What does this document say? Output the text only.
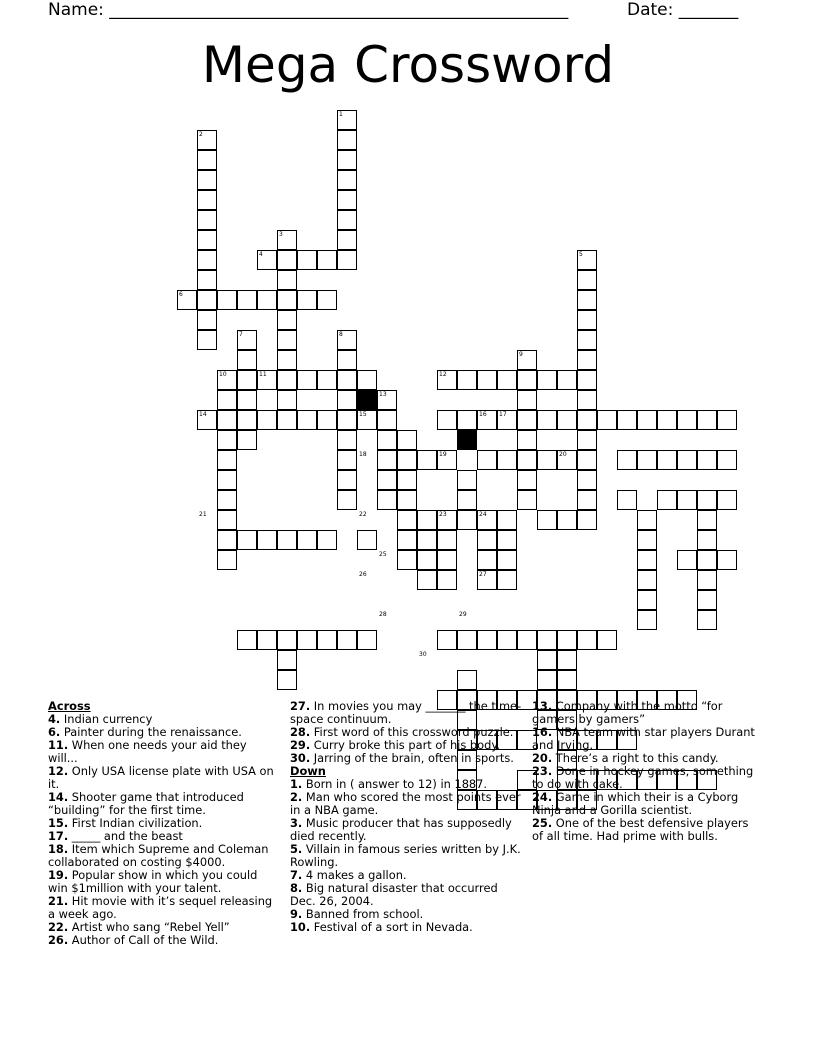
Name: ______________________________________________________	Date: _______
Mega Crossword
1
2
3
4	5
6
7	8
9
10	11	12
13
14	15	16 17
18	19	20
21	22	23	24
25
26	27
28	29
30
Across
4. Indian currency
6. Painter during the renaissance.
11. When one needs your aid they will...
12. Only USA license plate with USA on it.
14. Shooter game that introduced “building” for the first time.
15. First Indian civilization.
17. _____ and the beast
18. Item which Supreme and Coleman collaborated on costing $4000.
19. Popular show in which you could win $1million with your talent.
21. Hit movie with it’s sequel releasing a week ago.
22. Artist who sang “Rebel Yell”
26. Author of Call of the Wild.
27. In movies you may _______ the time-space continuum.
28. First word of this crossword puzzle.
29. Curry broke this part of his body.
30. Jarring of the brain, often in sports.
Down
1. Born in ( answer to 12) in 1887.
2. Man who scored the most points ever in a NBA game.
3. Music producer that has supposedly died recently.
5. Villain in famous series written by J.K. Rowling.
7. 4 makes a gallon.
8. Big natural disaster that occurred Dec. 26, 2004.
9. Banned from school.
10. Festival of a sort in Nevada.
13. Company with the motto “for gamers by gamers”
16. NBA team with star players Durant and Irving.
20. There’s a right to this candy.
23. Done in hockey games, something to do with cake.
24. Game in which their is a Cyborg Ninja and a Gorilla scientist.
25. One of the best defensive players of all time. Had prime with bulls.
